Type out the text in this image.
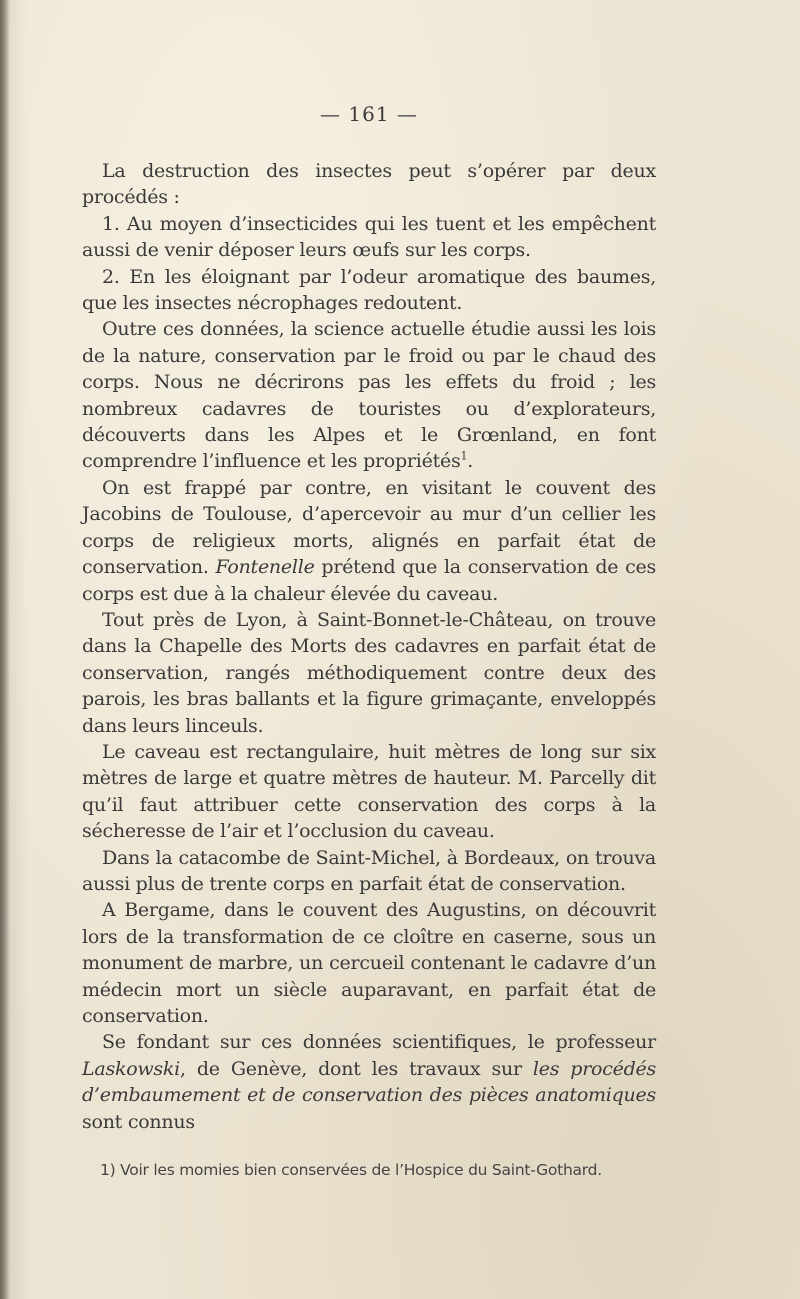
— 161 —

La destruction des insectes peut s’opérer par deux procédés :

1. Au moyen d’insecticides qui les tuent et les empêchent aussi de venir déposer leurs œufs sur les corps.

2. En les éloignant par l’odeur aromatique des baumes, que les insectes nécrophages redoutent.

Outre ces données, la science actuelle étudie aussi les lois de la nature, conservation par le froid ou par le chaud des corps. Nous ne décrirons pas les effets du froid ; les nombreux cadavres de touristes ou d’explorateurs, découverts dans les Alpes et le Grœnland, en font comprendre l’influence et les propriétés$^1$.

On est frappé par contre, en visitant le couvent des Jacobins de Toulouse, d’apercevoir au mur d’un cellier les corps de religieux morts, alignés en parfait état de conservation. Fontenelle prétend que la conservation de ces corps est due à la chaleur élevée du caveau.

Tout près de Lyon, à Saint-Bonnet-le-Château, on trouve dans la Chapelle des Morts des cadavres en parfait état de conservation, rangés méthodiquement contre deux des parois, les bras ballants et la figure grimaçante, enveloppés dans leurs linceuls.

Le caveau est rectangulaire, huit mètres de long sur six mètres de large et quatre mètres de hauteur. M. Parcelly dit qu’il faut attribuer cette conservation des corps à la sécheresse de l’air et l’occlusion du caveau.

Dans la catacombe de Saint-Michel, à Bordeaux, on trouva aussi plus de trente corps en parfait état de conservation.

A Bergame, dans le couvent des Augustins, on découvrit lors de la transformation de ce cloître en caserne, sous un monument de marbre, un cercueil contenant le cadavre d’un médecin mort un siècle auparavant, en parfait état de conservation.

Se fondant sur ces données scientifiques, le professeur Laskowski, de Genève, dont les travaux sur les procédés d’embaumement et de conservation des pièces anatomiques sont connus

1) Voir les momies bien conservées de l’Hospice du Saint-Gothard.
